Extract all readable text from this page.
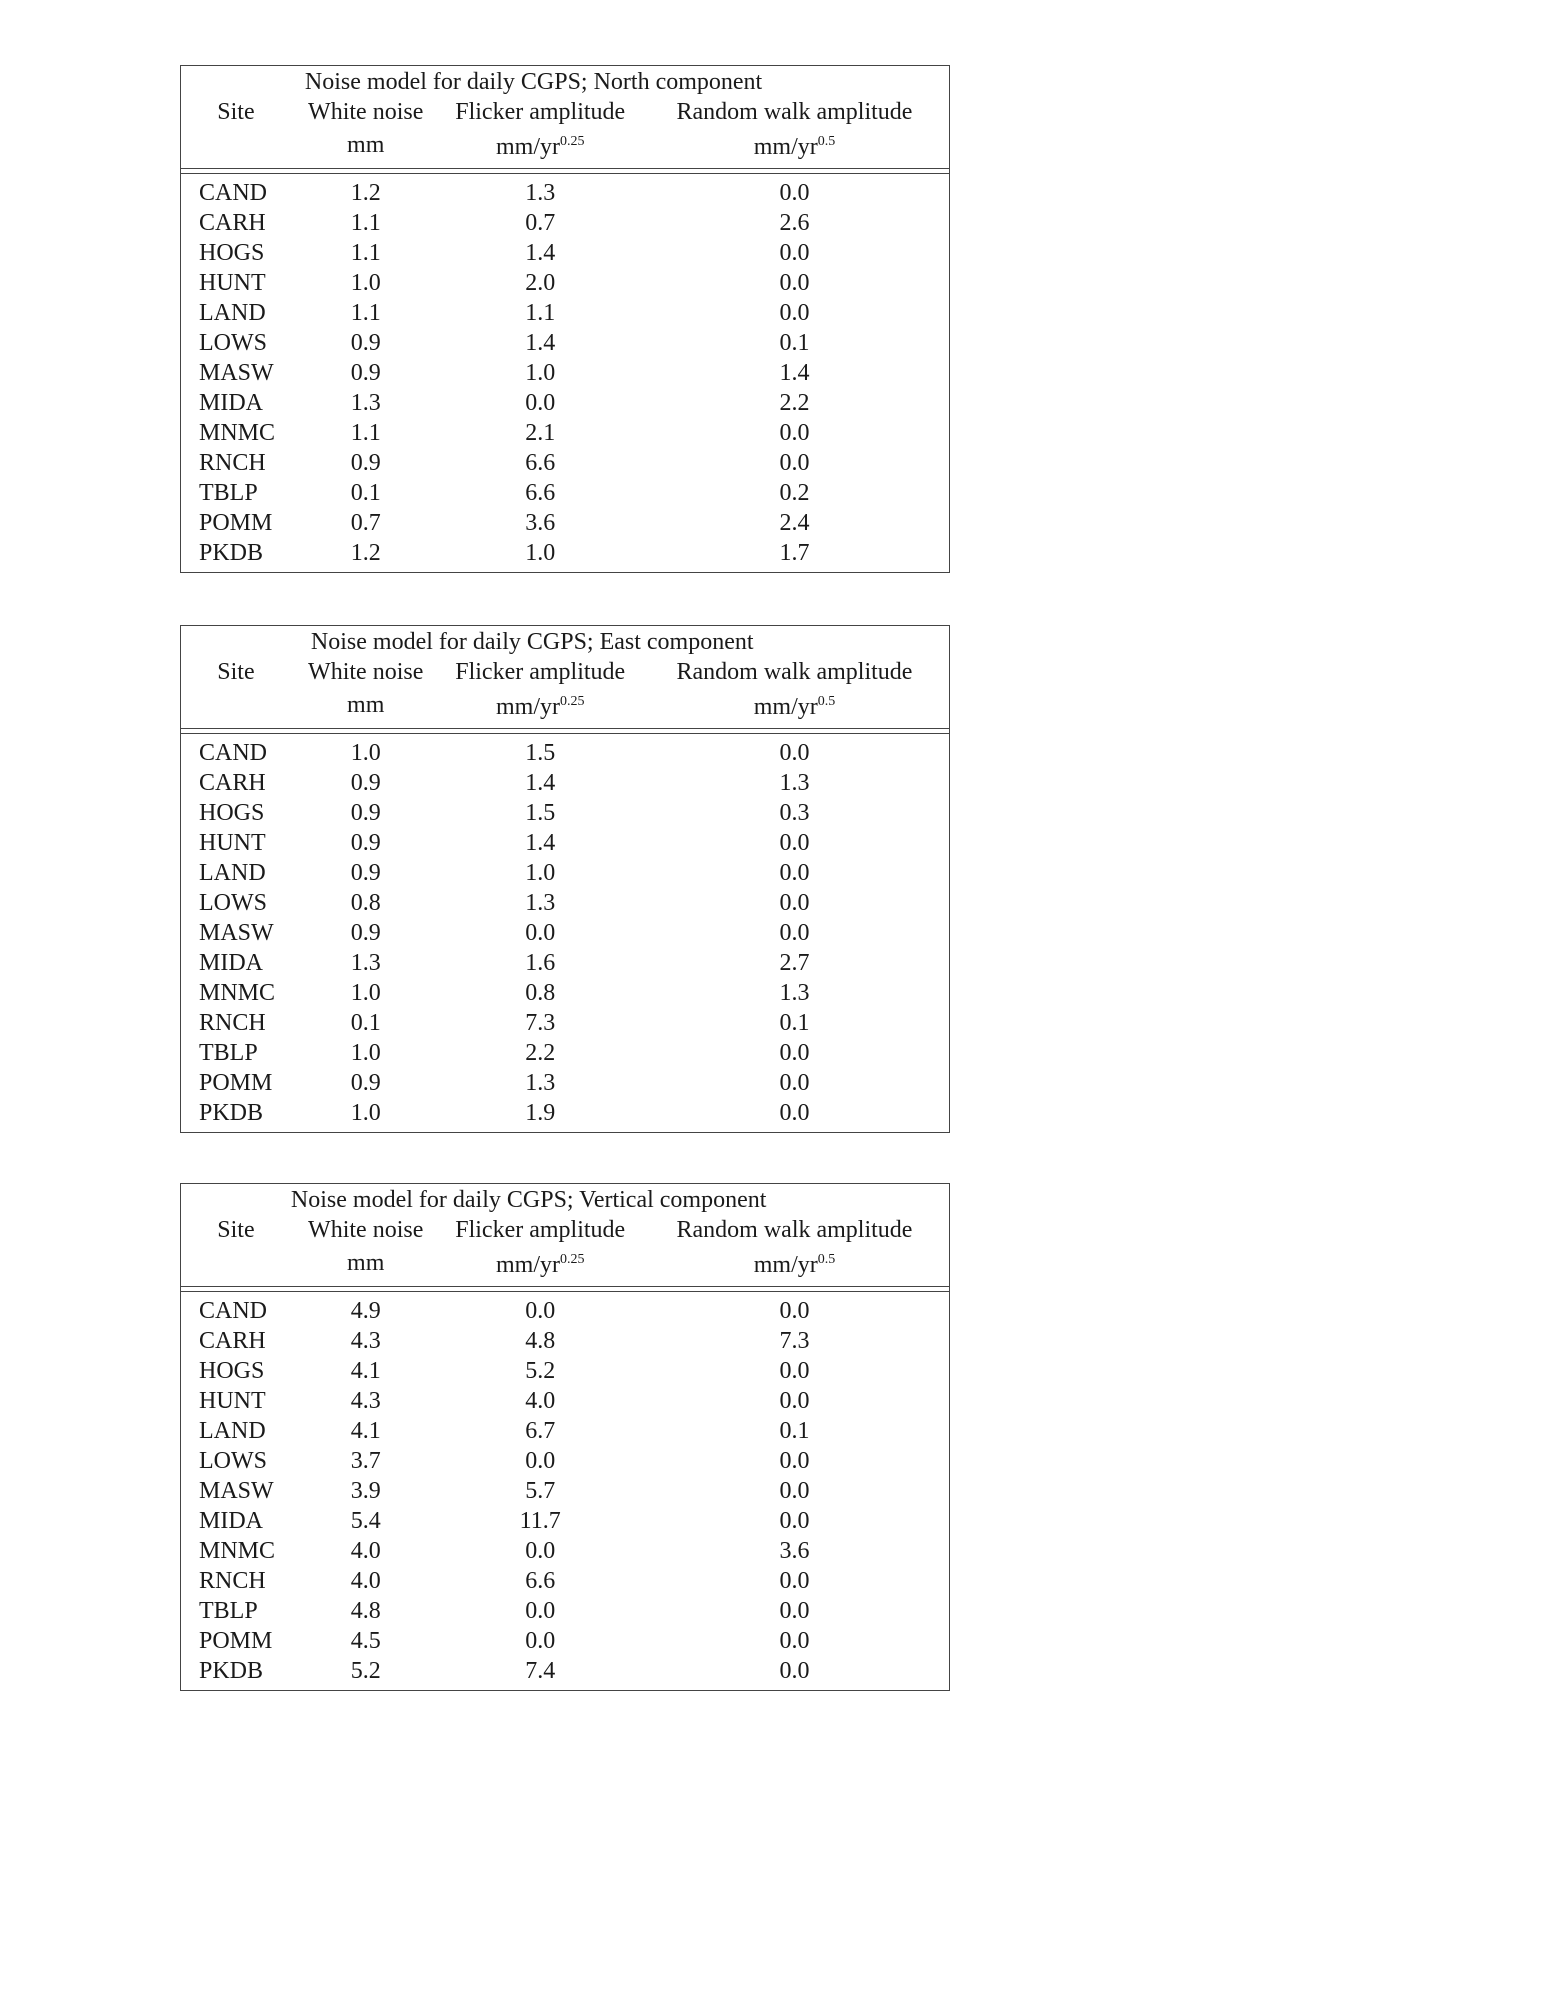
	Noise model for daily CGPS; North component		
Site	White noise	Flicker amplitude	Random walk amplitude
	mm	$mm/yr^{0.25}$	$mm/yr^{0.5}$

CAND	1.2	1.3	0.0
CARH	1.1	0.7	2.6
HOGS	1.1	1.4	0.0
HUNT	1.0	2.0	0.0
LAND	1.1	1.1	0.0
LOWS	0.9	1.4	0.1
MASW	0.9	1.0	1.4
MIDA	1.3	0.0	2.2
MNMC	1.1	2.1	0.0
RNCH	0.9	6.6	0.0
TBLP	0.1	6.6	0.2
POMM	0.7	3.6	2.4
PKDB	1.2	1.0	1.7

	Noise model for daily CGPS; East component		
Site	White noise	Flicker amplitude	Random walk amplitude
	mm	$mm/yr^{0.25}$	$mm/yr^{0.5}$

CAND	1.0	1.5	0.0
CARH	0.9	1.4	1.3
HOGS	0.9	1.5	0.3
HUNT	0.9	1.4	0.0
LAND	0.9	1.0	0.0
LOWS	0.8	1.3	0.0
MASW	0.9	0.0	0.0
MIDA	1.3	1.6	2.7
MNMC	1.0	0.8	1.3
RNCH	0.1	7.3	0.1
TBLP	1.0	2.2	0.0
POMM	0.9	1.3	0.0
PKDB	1.0	1.9	0.0

	Noise model for daily CGPS; Vertical component		
Site	White noise	Flicker amplitude	Random walk amplitude
	mm	$mm/yr^{0.25}$	$mm/yr^{0.5}$

CAND	4.9	0.0	0.0
CARH	4.3	4.8	7.3
HOGS	4.1	5.2	0.0
HUNT	4.3	4.0	0.0
LAND	4.1	6.7	0.1
LOWS	3.7	0.0	0.0
MASW	3.9	5.7	0.0
MIDA	5.4	11.7	0.0
MNMC	4.0	0.0	3.6
RNCH	4.0	6.6	0.0
TBLP	4.8	0.0	0.0
POMM	4.5	0.0	0.0
PKDB	5.2	7.4	0.0
